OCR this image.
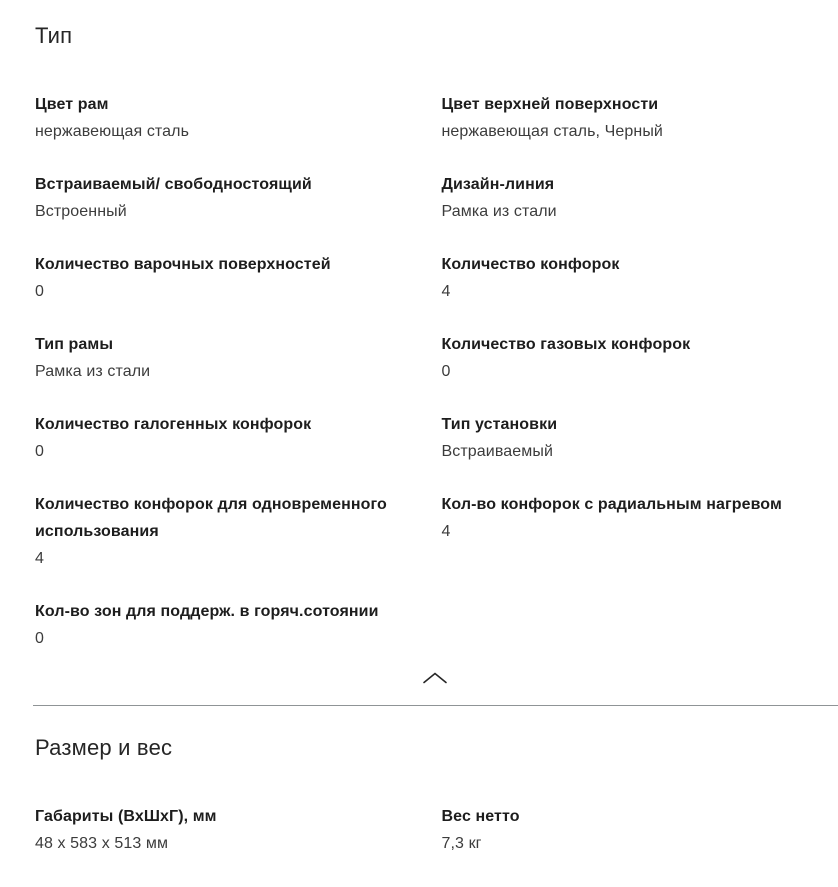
Тип
Цвет рам
нержавеющая сталь
Цвет верхней поверхности
нержавеющая сталь, Черный
Встраиваемый/ свободностоящий
Встроенный
Дизайн-линия
Рамка из стали
Количество варочных поверхностей
0
Количество конфорок
4
Тип рамы
Рамка из стали
Количество газовых конфорок
0
Количество галогенных конфорок
0
Тип установки
Встраиваемый
Количество конфорок для одновременного использования
4
Кол-во конфорок с радиальным нагревом
4
Кол-во зон для поддерж. в горяч.сотоянии
0
Размер и вес
Габариты (ВхШхГ), мм
48 x 583 x 513 мм
Вес нетто
7,3 кг
